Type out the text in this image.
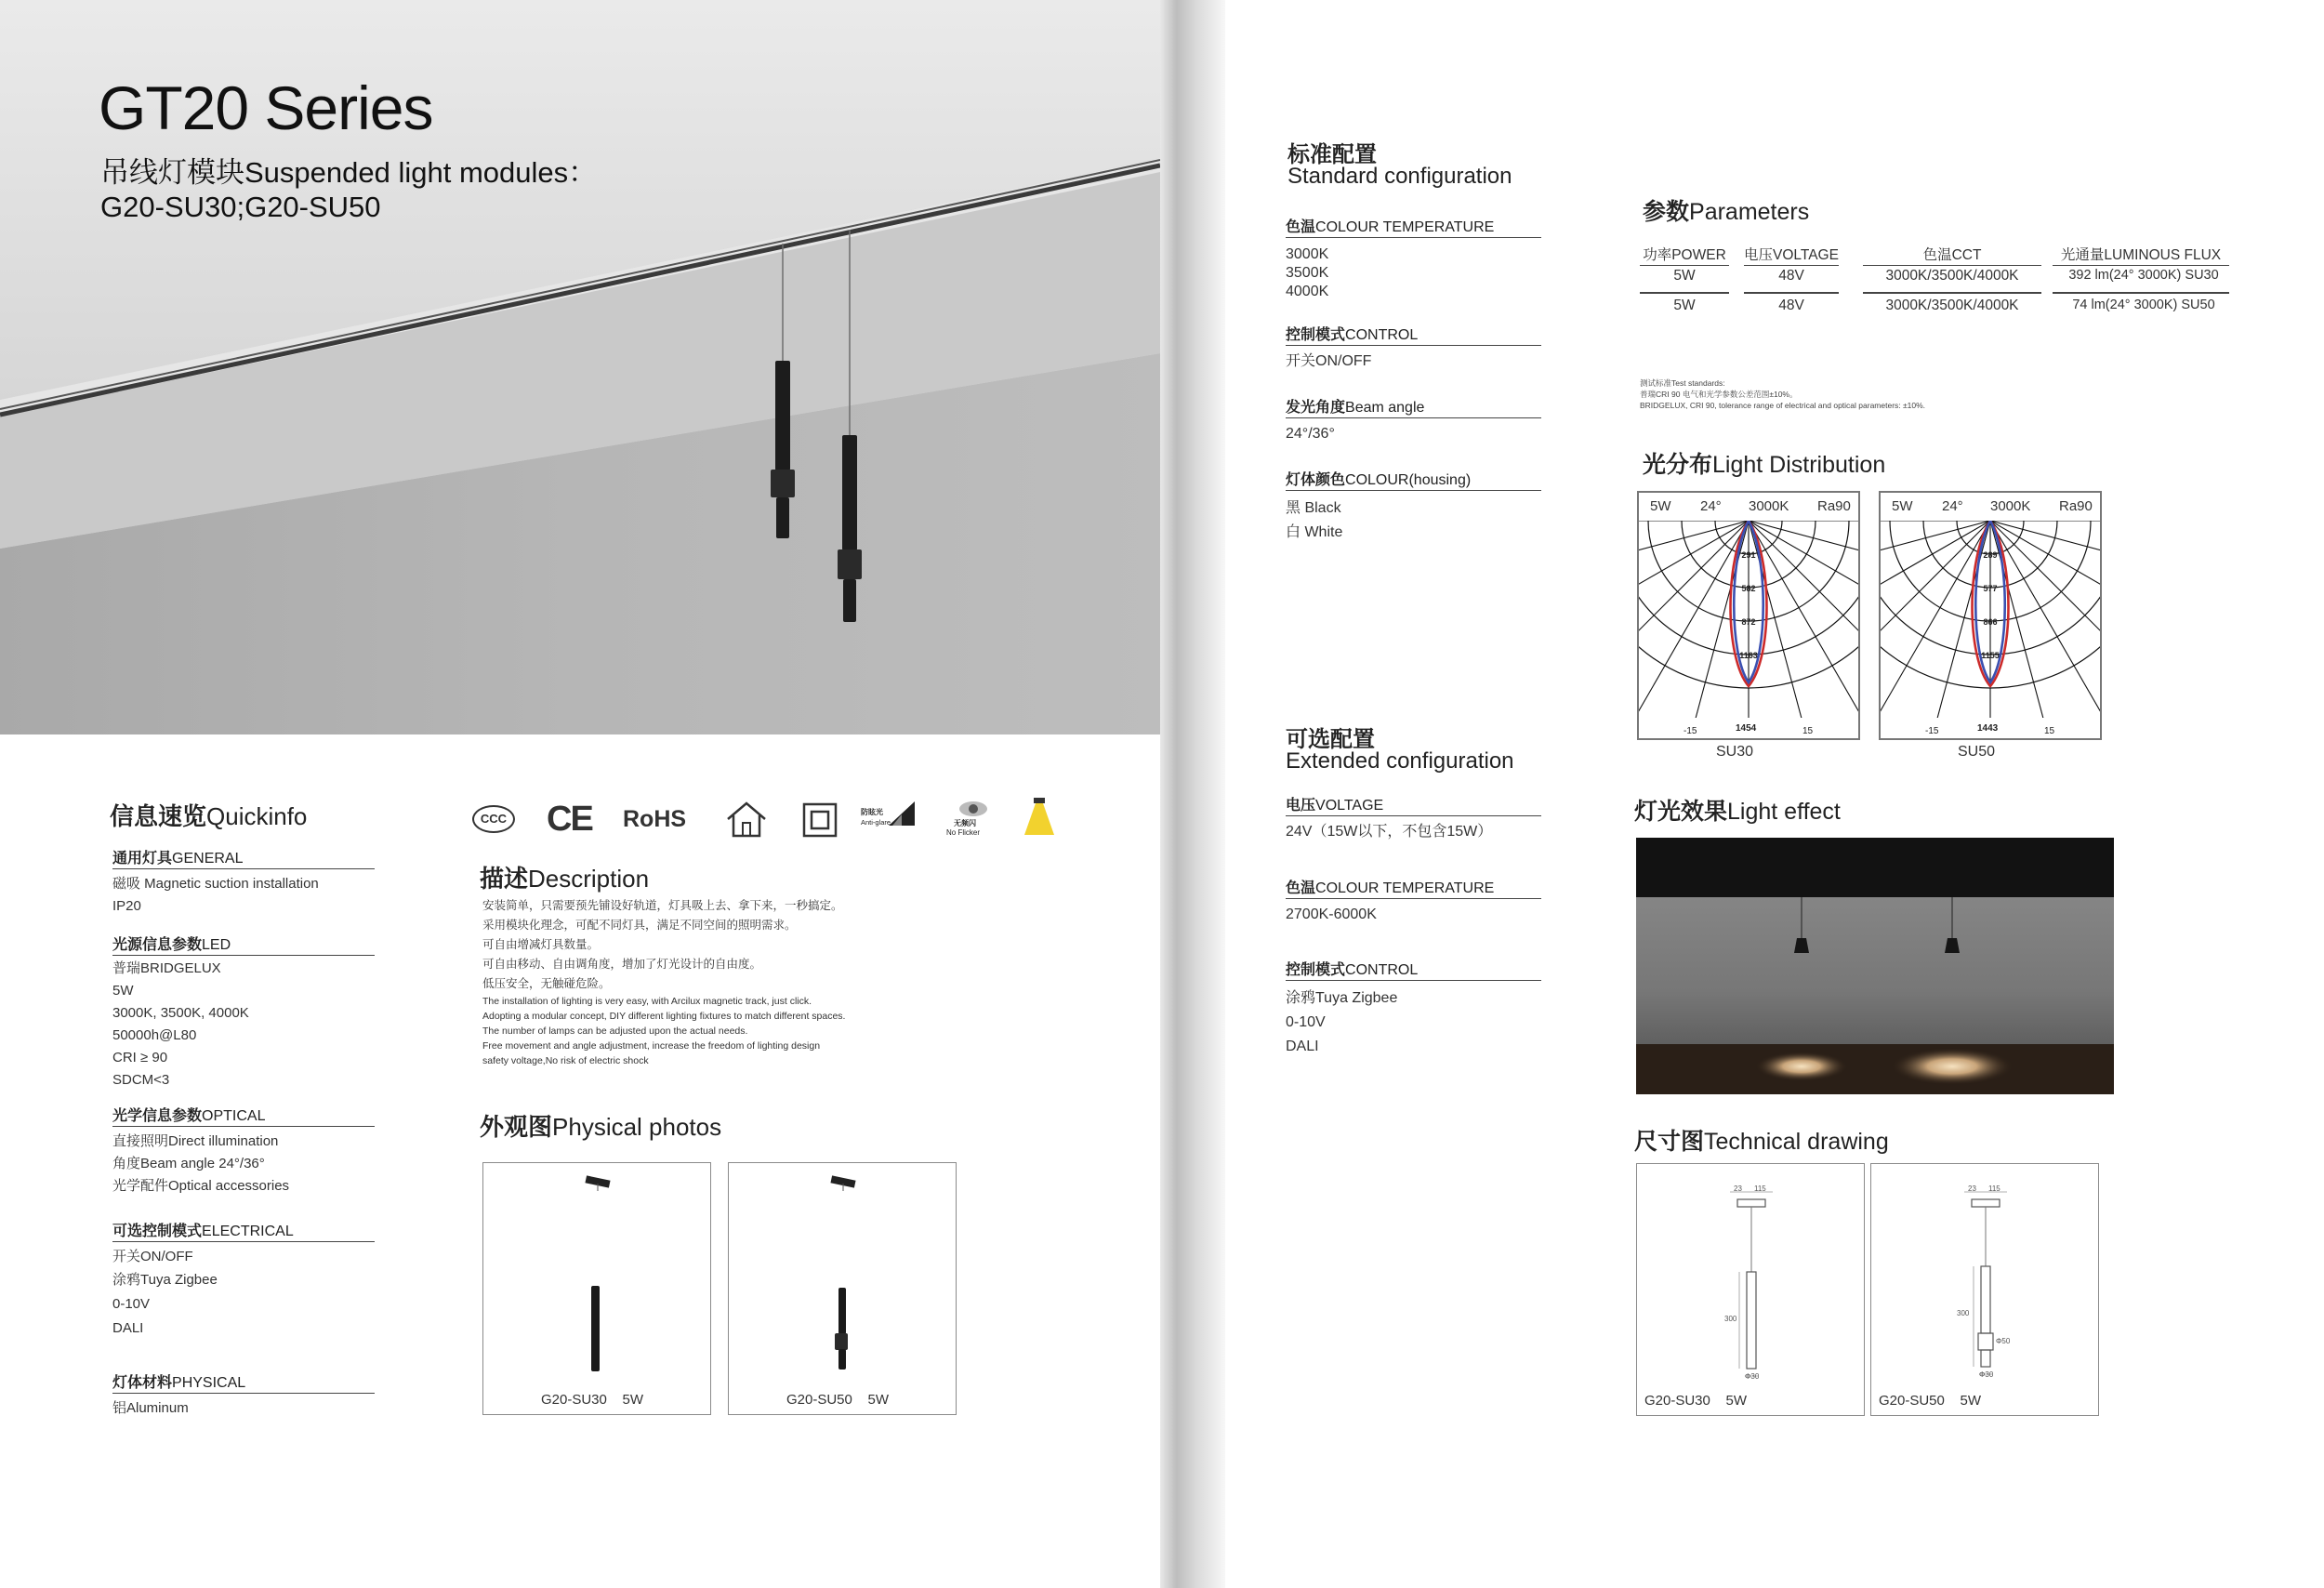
GT20 Series
吊线灯模块Suspended light modules：
G20-SU30;G20-SU50
信息速览Quickinfo
通用灯具GENERAL
磁吸 Magnetic suction installation
IP20
光源信息参数LED
普瑞BRIDGELUX
5W
3000K, 3500K, 4000K
50000h@L80
CRI ≥ 90
SDCM<3
光学信息参数OPTICAL
直接照明Direct illumination
角度Beam angle 24°/36°
光学配件Optical accessories
可选控制模式ELECTRICAL
开关ON/OFF
涂鸦Tuya Zigbee
0-10V
DALI
灯体材料PHYSICAL
铝Aluminum
CCC CE RoHS	防眩光
Anti-glare	无频闪
No Flicker
描述Description
安装简单，只需要预先铺设好轨道，灯具吸上去、拿下来，一秒搞定。
采用模块化理念，可配不同灯具，满足不同空间的照明需求。
可自由增减灯具数量。
可自由移动、自由调角度，增加了灯光设计的自由度。
低压安全，无触碰危险。
The installation of lighting is very easy, with Arcilux magnetic track, just click.
Adopting a modular concept, DIY different lighting fixtures to match different spaces.
The number of lamps can be adjusted upon the actual needs.
Free movement and angle adjustment, increase the freedom of lighting design
safety voltage,No risk of electric shock
外观图Physical photos
G20-SU30 5W	G20-SU50 5W
标准配置
Standard configuration
色温COLOUR TEMPERATURE
3000K
3500K
4000K
控制模式CONTROL
开关ON/OFF
发光角度Beam angle
24°/36°
灯体颜色COLOUR(housing)
黑 Black
白 White
可选配置
Extended configuration
电压VOLTAGE
24V（15W以下，不包含15W）
色温COLOUR TEMPERATURE
2700K-6000K
控制模式CONTROL
涂鸦Tuya Zigbee
0-10V
DALI
参数Parameters
功率POWER 电压VOLTAGE	色温CCT	光通量LUMINOUS FLUX
5W	48V	3000K/3500K/4000K	392 lm(24° 3000K) SU30
5W	48V	3000K/3500K/4000K	74 lm(24° 3000K) SU50
测试标准Test standards:
普瑞CRI 90 电气和光学参数公差范围±10%。
BRIDGELUX, CRI 90, tolerance range of electrical and optical parameters: ±10%.
光分布Light Distribution
5W 24° 3000K Ra90
291
582
872
1163
1454
-15	15
SU30
5W 24° 3000K Ra90
289
577
866
1155
1443
-15	15
SU50
灯光效果Light effect
尺寸图Technical drawing
23 115
300
Φ30
G20-SU30 5W
23 115
300
Φ30
Φ50
G20-SU50 5W
